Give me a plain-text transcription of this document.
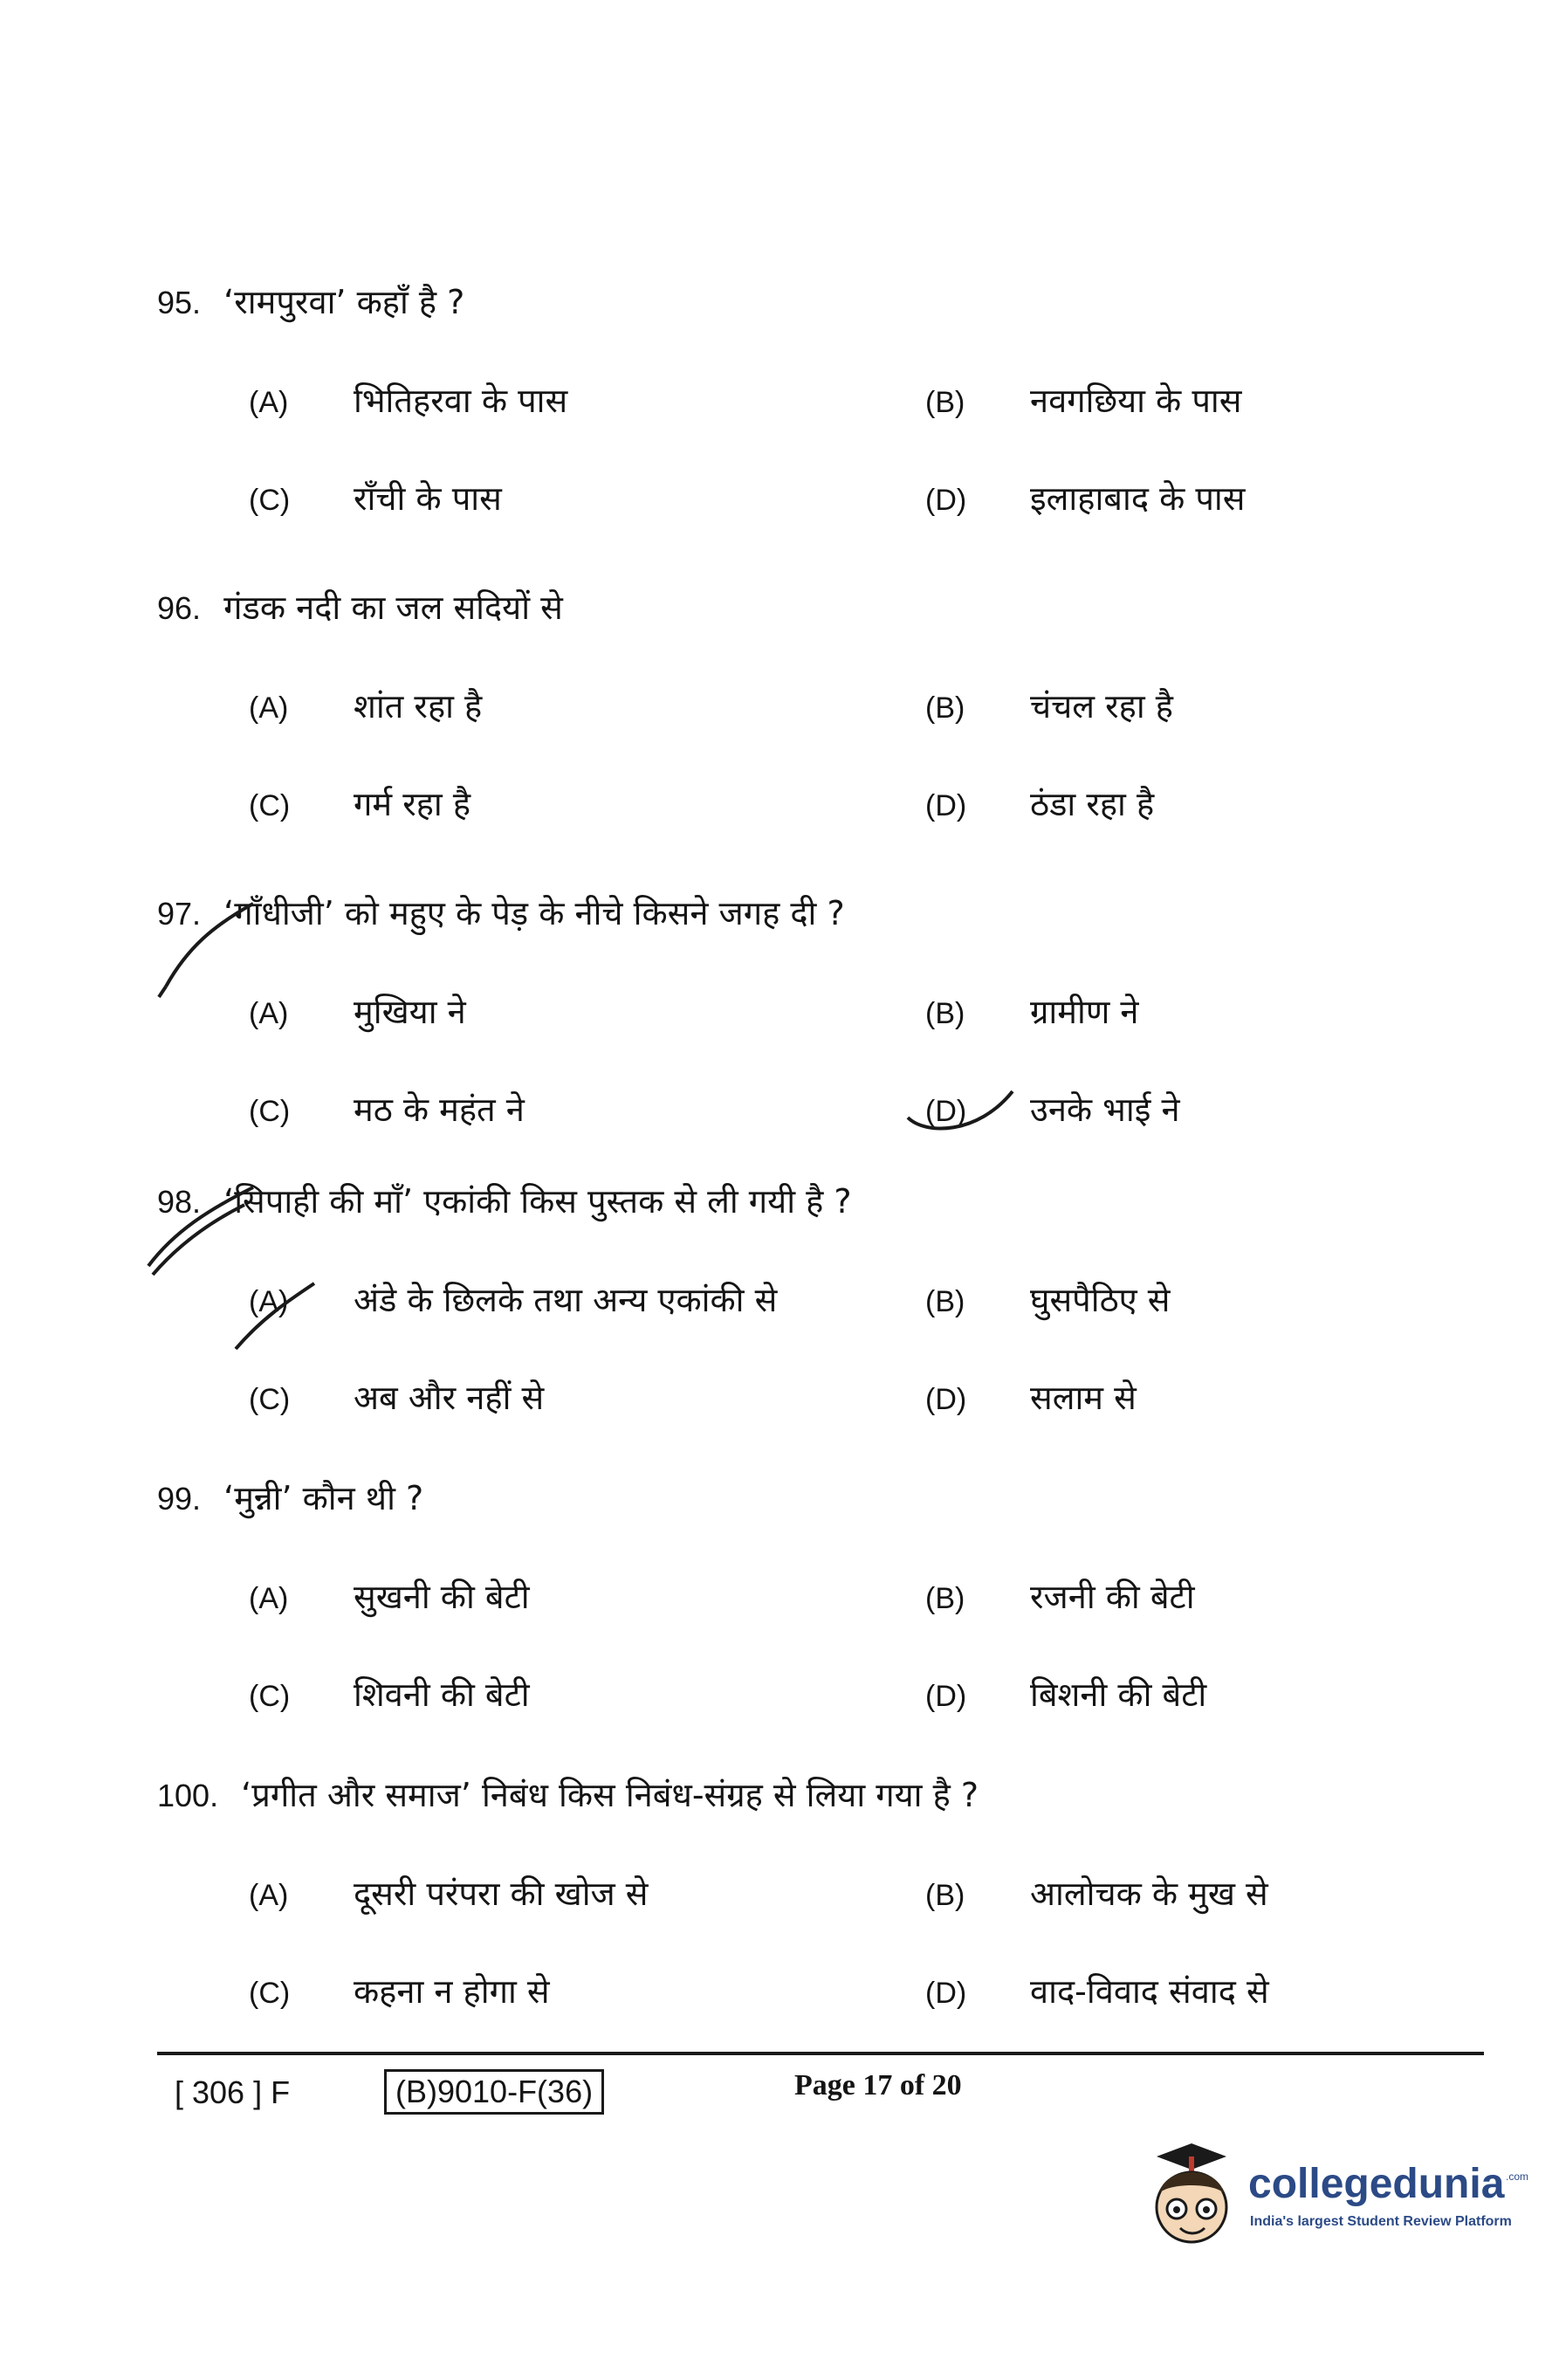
95. ‘रामपुरवा’ कहाँ है ?
(A) भितिहरवा के पास	(B) नवगछिया के पास
(C) राँची के पास	(D) इलाहाबाद के पास
96. गंडक नदी का जल सदियों से
(A) शांत रहा है	(B) चंचल रहा है
(C) गर्म रहा है	(D) ठंडा रहा है
97. ‘गाँधीजी’ को महुए के पेड़ के नीचे किसने जगह दी ?
(A) मुखिया ने	(B) ग्रामीण ने
(C) मठ के महंत ने	(D) उनके भाई ने
98. ‘सिपाही की माँ’ एकांकी किस पुस्तक से ली गयी है ?
(A) अंडे के छिलके तथा अन्य एकांकी से	(B) घुसपैठिए से
(C) अब और नहीं से	(D) सलाम से
99. ‘मुन्नी’ कौन थी ?
(A) सुखनी की बेटी	(B) रजनी की बेटी
(C) शिवनी की बेटी	(D) बिशनी की बेटी
100. ‘प्रगीत और समाज’ निबंध किस निबंध-संग्रह से लिया गया है ?
(A) दूसरी परंपरा की खोज से	(B) आलोचक के मुख से
(C) कहना न होगा से	(D) वाद-विवाद संवाद से
[ 306 ] F	(B)9010-F(36)	Page 17 of 20
collegedunia .com
India's largest Student Review Platform
